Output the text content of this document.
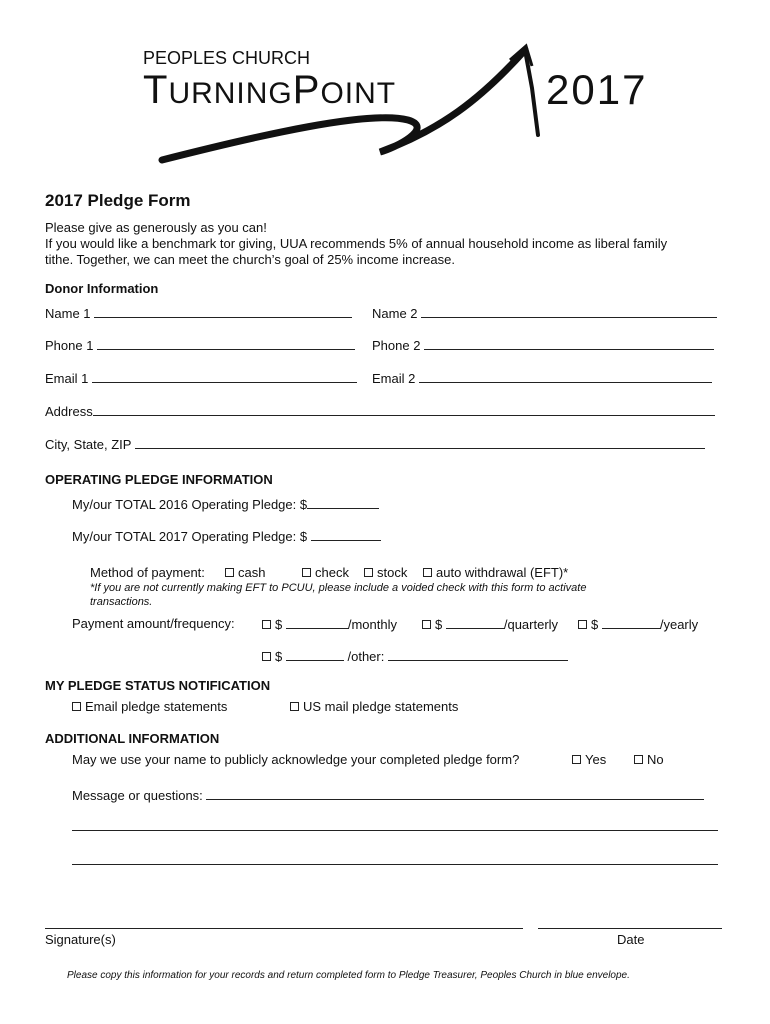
PEOPLES CHURCH
TURNINGPOINT	2017
2017 Pledge Form
Please give as generously as you can!
If you would like a benchmark tor giving, UUA recommends 5% of annual household income as liberal family
tithe. Together, we can meet the church’s goal of 25% income increase.
Donor Information
Name 1	Name 2
Phone 1	Phone 2
Email 1	Email 2
Address
City, State, ZIP
OPERATING PLEDGE INFORMATION
My/our TOTAL 2016 Operating Pledge: $
My/our TOTAL 2017 Operating Pledge: $
Method of payment:	cash	check	stock	auto withdrawal (EFT)*
*If you are not currently making EFT to PCUU, please include a voided check with this form to activate
transactions.
Payment amount/frequency:	$	/monthly	$	/quarterly	$	/yearly
$	/other:
MY PLEDGE STATUS NOTIFICATION
Email pledge statements	US mail pledge statements
ADDITIONAL INFORMATION
May we use your name to publicly acknowledge your completed pledge form?	Yes	No
Message or questions:
Signature(s)	Date
Please copy this information for your records and return completed form to Pledge Treasurer, Peoples Church in blue envelope.
